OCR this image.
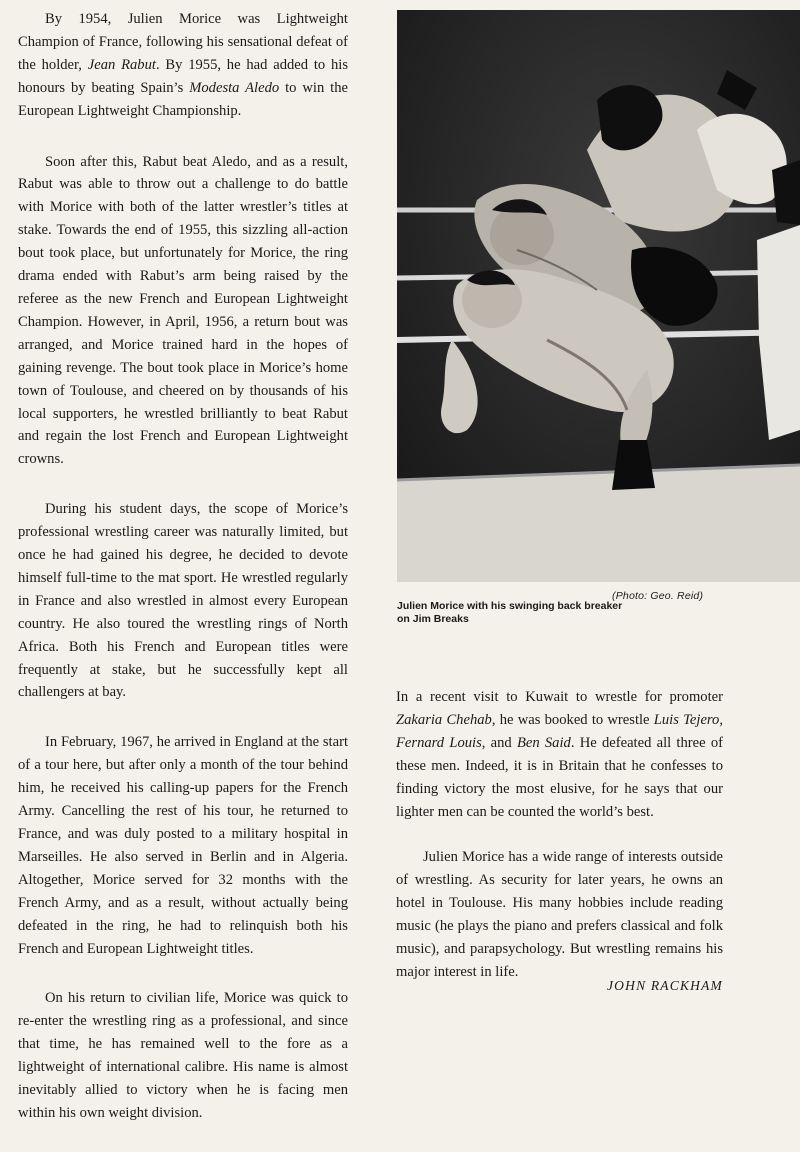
By 1954, Julien Morice was Lightweight Champion of France, following his sensational defeat of the holder, Jean Rabut. By 1955, he had added to his honours by beating Spain’s Modesta Aledo to win the European Lightweight Championship.

Soon after this, Rabut beat Aledo, and as a result, Rabut was able to throw out a challenge to do battle with Morice with both of the latter wrestler’s titles at stake. Towards the end of 1955, this sizzling all-action bout took place, but unfortunately for Morice, the ring drama ended with Rabut’s arm being raised by the referee as the new French and European Lightweight Champion. However, in April, 1956, a return bout was arranged, and Morice trained hard in the hopes of gaining revenge. The bout took place in Morice’s home town of Toulouse, and cheered on by thousands of his local supporters, he wrestled brilliantly to beat Rabut and regain the lost French and European Lightweight crowns.

During his student days, the scope of Morice’s professional wrestling career was naturally limited, but once he had gained his degree, he decided to devote himself full-time to the mat sport. He wrestled regularly in France and also wrestled in almost every European country. He also toured the wrestling rings of North Africa. Both his French and European titles were frequently at stake, but he successfully kept all challengers at bay.

In February, 1967, he arrived in England at the start of a tour here, but after only a month of the tour behind him, he received his calling-up papers for the French Army. Cancelling the rest of his tour, he returned to France, and was duly posted to a military hospital in Marseilles. He also served in Berlin and in Algeria. Altogether, Morice served for 32 months with the French Army, and as a result, without actually being defeated in the ring, he had to relinquish both his French and European Lightweight titles.

On his return to civilian life, Morice was quick to re-enter the wrestling ring as a professional, and since that time, he has remained well to the fore as a lightweight of international calibre. His name is almost inevitably allied to victory when he is facing men within his own weight division.

(Photo: Geo. Reid)
Julien Morice with his swinging back breaker on Jim Breaks

In a recent visit to Kuwait to wrestle for promoter Zakaria Chehab, he was booked to wrestle Luis Tejero, Fernard Louis, and Ben Said. He defeated all three of these men. Indeed, it is in Britain that he confesses to finding victory the most elusive, for he says that our lighter men can be counted the world’s best.

Julien Morice has a wide range of interests outside of wrestling. As security for later years, he owns an hotel in Toulouse. His many hobbies include reading music (he plays the piano and prefers classical and folk music), and parapsychology. But wrestling remains his major interest in life.

JOHN RACKHAM
